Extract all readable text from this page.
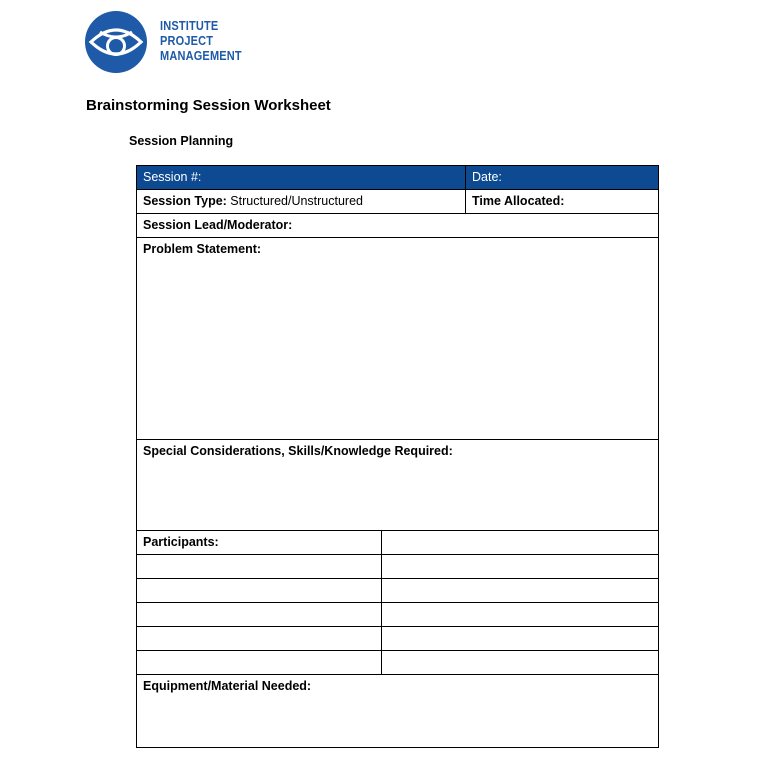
INSTITUTE
PROJECT
MANAGEMENT
Brainstorming Session Worksheet
Session Planning
Session #:		Date:
Session Type: Structured/Unstructured		Time Allocated:
Session Lead/Moderator:		
Problem Statement:		
Special Considerations, Skills/Knowledge Required:		
Participants:		

Equipment/Material Needed:		
